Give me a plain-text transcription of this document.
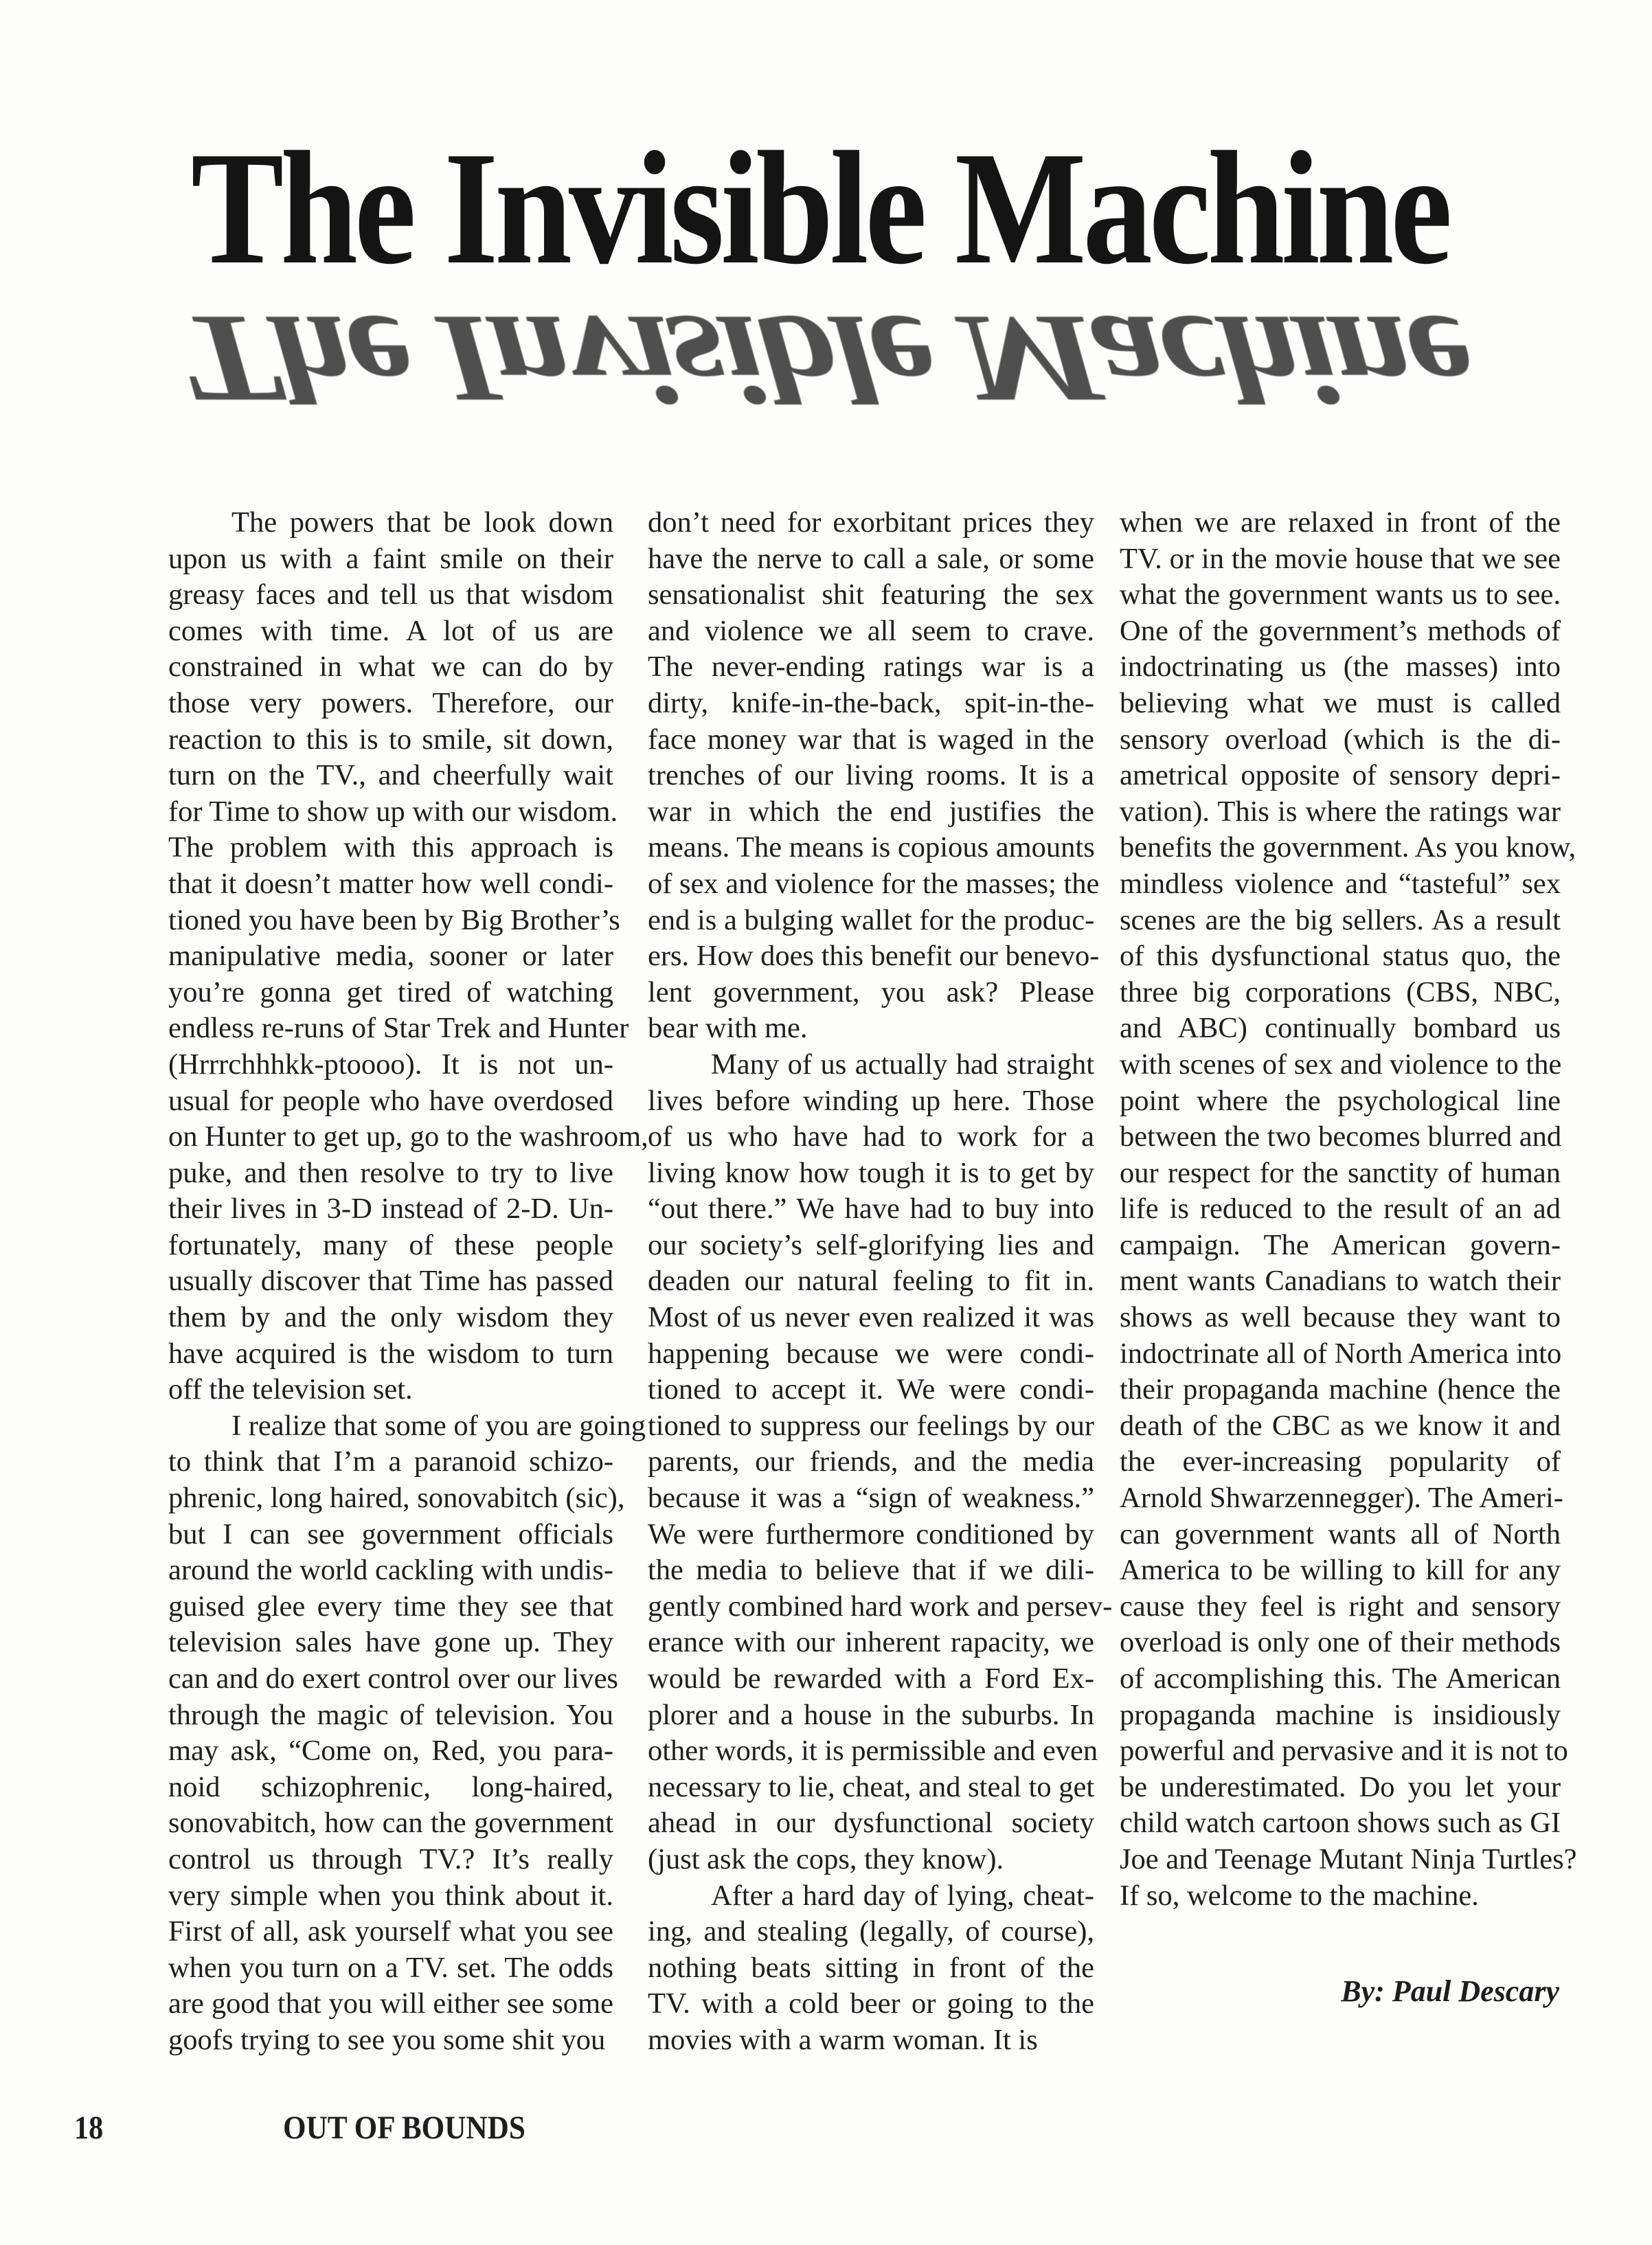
The Invisible Machine
The Invisible Machine
The powers that be look down
upon us with a faint smile on their
greasy faces and tell us that wisdom
comes with time. A lot of us are
constrained in what we can do by
those very powers. Therefore, our
reaction to this is to smile, sit down,
turn on the TV., and cheerfully wait
for Time to show up with our wisdom.
The problem with this approach is
that it doesn’t matter how well condi-
tioned you have been by Big Brother’s
manipulative media, sooner or later
you’re gonna get tired of watching
endless re-runs of Star Trek and Hunter
(Hrrrchhhkk-ptoooo). It is not un-
usual for people who have overdosed
on Hunter to get up, go to the washroom,
puke, and then resolve to try to live
their lives in 3-D instead of 2-D. Un-
fortunately, many of these people
usually discover that Time has passed
them by and the only wisdom they
have acquired is the wisdom to turn
off the television set.
I realize that some of you are going
to think that I’m a paranoid schizo-
phrenic, long haired, sonovabitch (sic),
but I can see government officials
around the world cackling with undis-
guised glee every time they see that
television sales have gone up. They
can and do exert control over our lives
through the magic of television. You
may ask, “Come on, Red, you para-
noid schizophrenic, long-haired,
sonovabitch, how can the government
control us through TV.? It’s really
very simple when you think about it.
First of all, ask yourself what you see
when you turn on a TV. set. The odds
are good that you will either see some
goofs trying to see you some shit you
don’t need for exorbitant prices they
have the nerve to call a sale, or some
sensationalist shit featuring the sex
and violence we all seem to crave.
The never-ending ratings war is a
dirty, knife-in-the-back, spit-in-the-
face money war that is waged in the
trenches of our living rooms. It is a
war in which the end justifies the
means. The means is copious amounts
of sex and violence for the masses; the
end is a bulging wallet for the produc-
ers. How does this benefit our benevo-
lent government, you ask? Please
bear with me.
Many of us actually had straight
lives before winding up here. Those
of us who have had to work for a
living know how tough it is to get by
“out there.” We have had to buy into
our society’s self-glorifying lies and
deaden our natural feeling to fit in.
Most of us never even realized it was
happening because we were condi-
tioned to accept it. We were condi-
tioned to suppress our feelings by our
parents, our friends, and the media
because it was a “sign of weakness.”
We were furthermore conditioned by
the media to believe that if we dili-
gently combined hard work and persev-
erance with our inherent rapacity, we
would be rewarded with a Ford Ex-
plorer and a house in the suburbs. In
other words, it is permissible and even
necessary to lie, cheat, and steal to get
ahead in our dysfunctional society
(just ask the cops, they know).
After a hard day of lying, cheat-
ing, and stealing (legally, of course),
nothing beats sitting in front of the
TV. with a cold beer or going to the
movies with a warm woman. It is
when we are relaxed in front of the
TV. or in the movie house that we see
what the government wants us to see.
One of the government’s methods of
indoctrinating us (the masses) into
believing what we must is called
sensory overload (which is the di-
ametrical opposite of sensory depri-
vation). This is where the ratings war
benefits the government. As you know,
mindless violence and “tasteful” sex
scenes are the big sellers. As a result
of this dysfunctional status quo, the
three big corporations (CBS, NBC,
and ABC) continually bombard us
with scenes of sex and violence to the
point where the psychological line
between the two becomes blurred and
our respect for the sanctity of human
life is reduced to the result of an ad
campaign. The American govern-
ment wants Canadians to watch their
shows as well because they want to
indoctrinate all of North America into
their propaganda machine (hence the
death of the CBC as we know it and
the ever-increasing popularity of
Arnold Shwarzennegger). The Ameri-
can government wants all of North
America to be willing to kill for any
cause they feel is right and sensory
overload is only one of their methods
of accomplishing this. The American
propaganda machine is insidiously
powerful and pervasive and it is not to
be underestimated. Do you let your
child watch cartoon shows such as GI
Joe and Teenage Mutant Ninja Turtles?
If so, welcome to the machine.
By: Paul Descary
18	OUT OF BOUNDS
